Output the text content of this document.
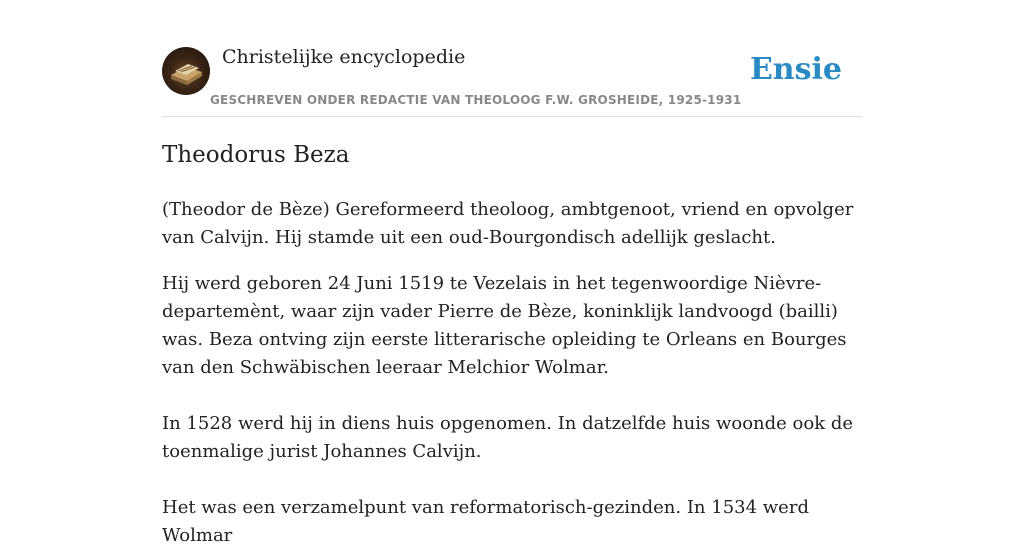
Christelijke encyclopedie
GESCHREVEN ONDER REDACTIE VAN THEOLOOG F.W. GROSHEIDE, 1925-1931
Ensie
Theodorus Beza

(Theodor de Bèze) Gereformeerd theoloog, ambtgenoot, vriend en opvolger van Calvijn. Hij stamde uit een oud-Bourgondisch adellijk geslacht.

Hij werd geboren 24 Juni 1519 te Vezelais in het tegenwoordige Nièvre-departemènt, waar zijn vader Pierre de Bèze, koninklijk landvoogd (bailli) was. Beza ontving zijn eerste litterarische opleiding te Orleans en Bourges van den Schwäbischen leeraar Melchior Wolmar.

In 1528 werd hij in diens huis opgenomen. In datzelfde huis woonde ook de toenmalige jurist Johannes Calvijn.

Het was een verzamelpunt van reformatorisch-gezinden. In 1534 werd Wolmar
